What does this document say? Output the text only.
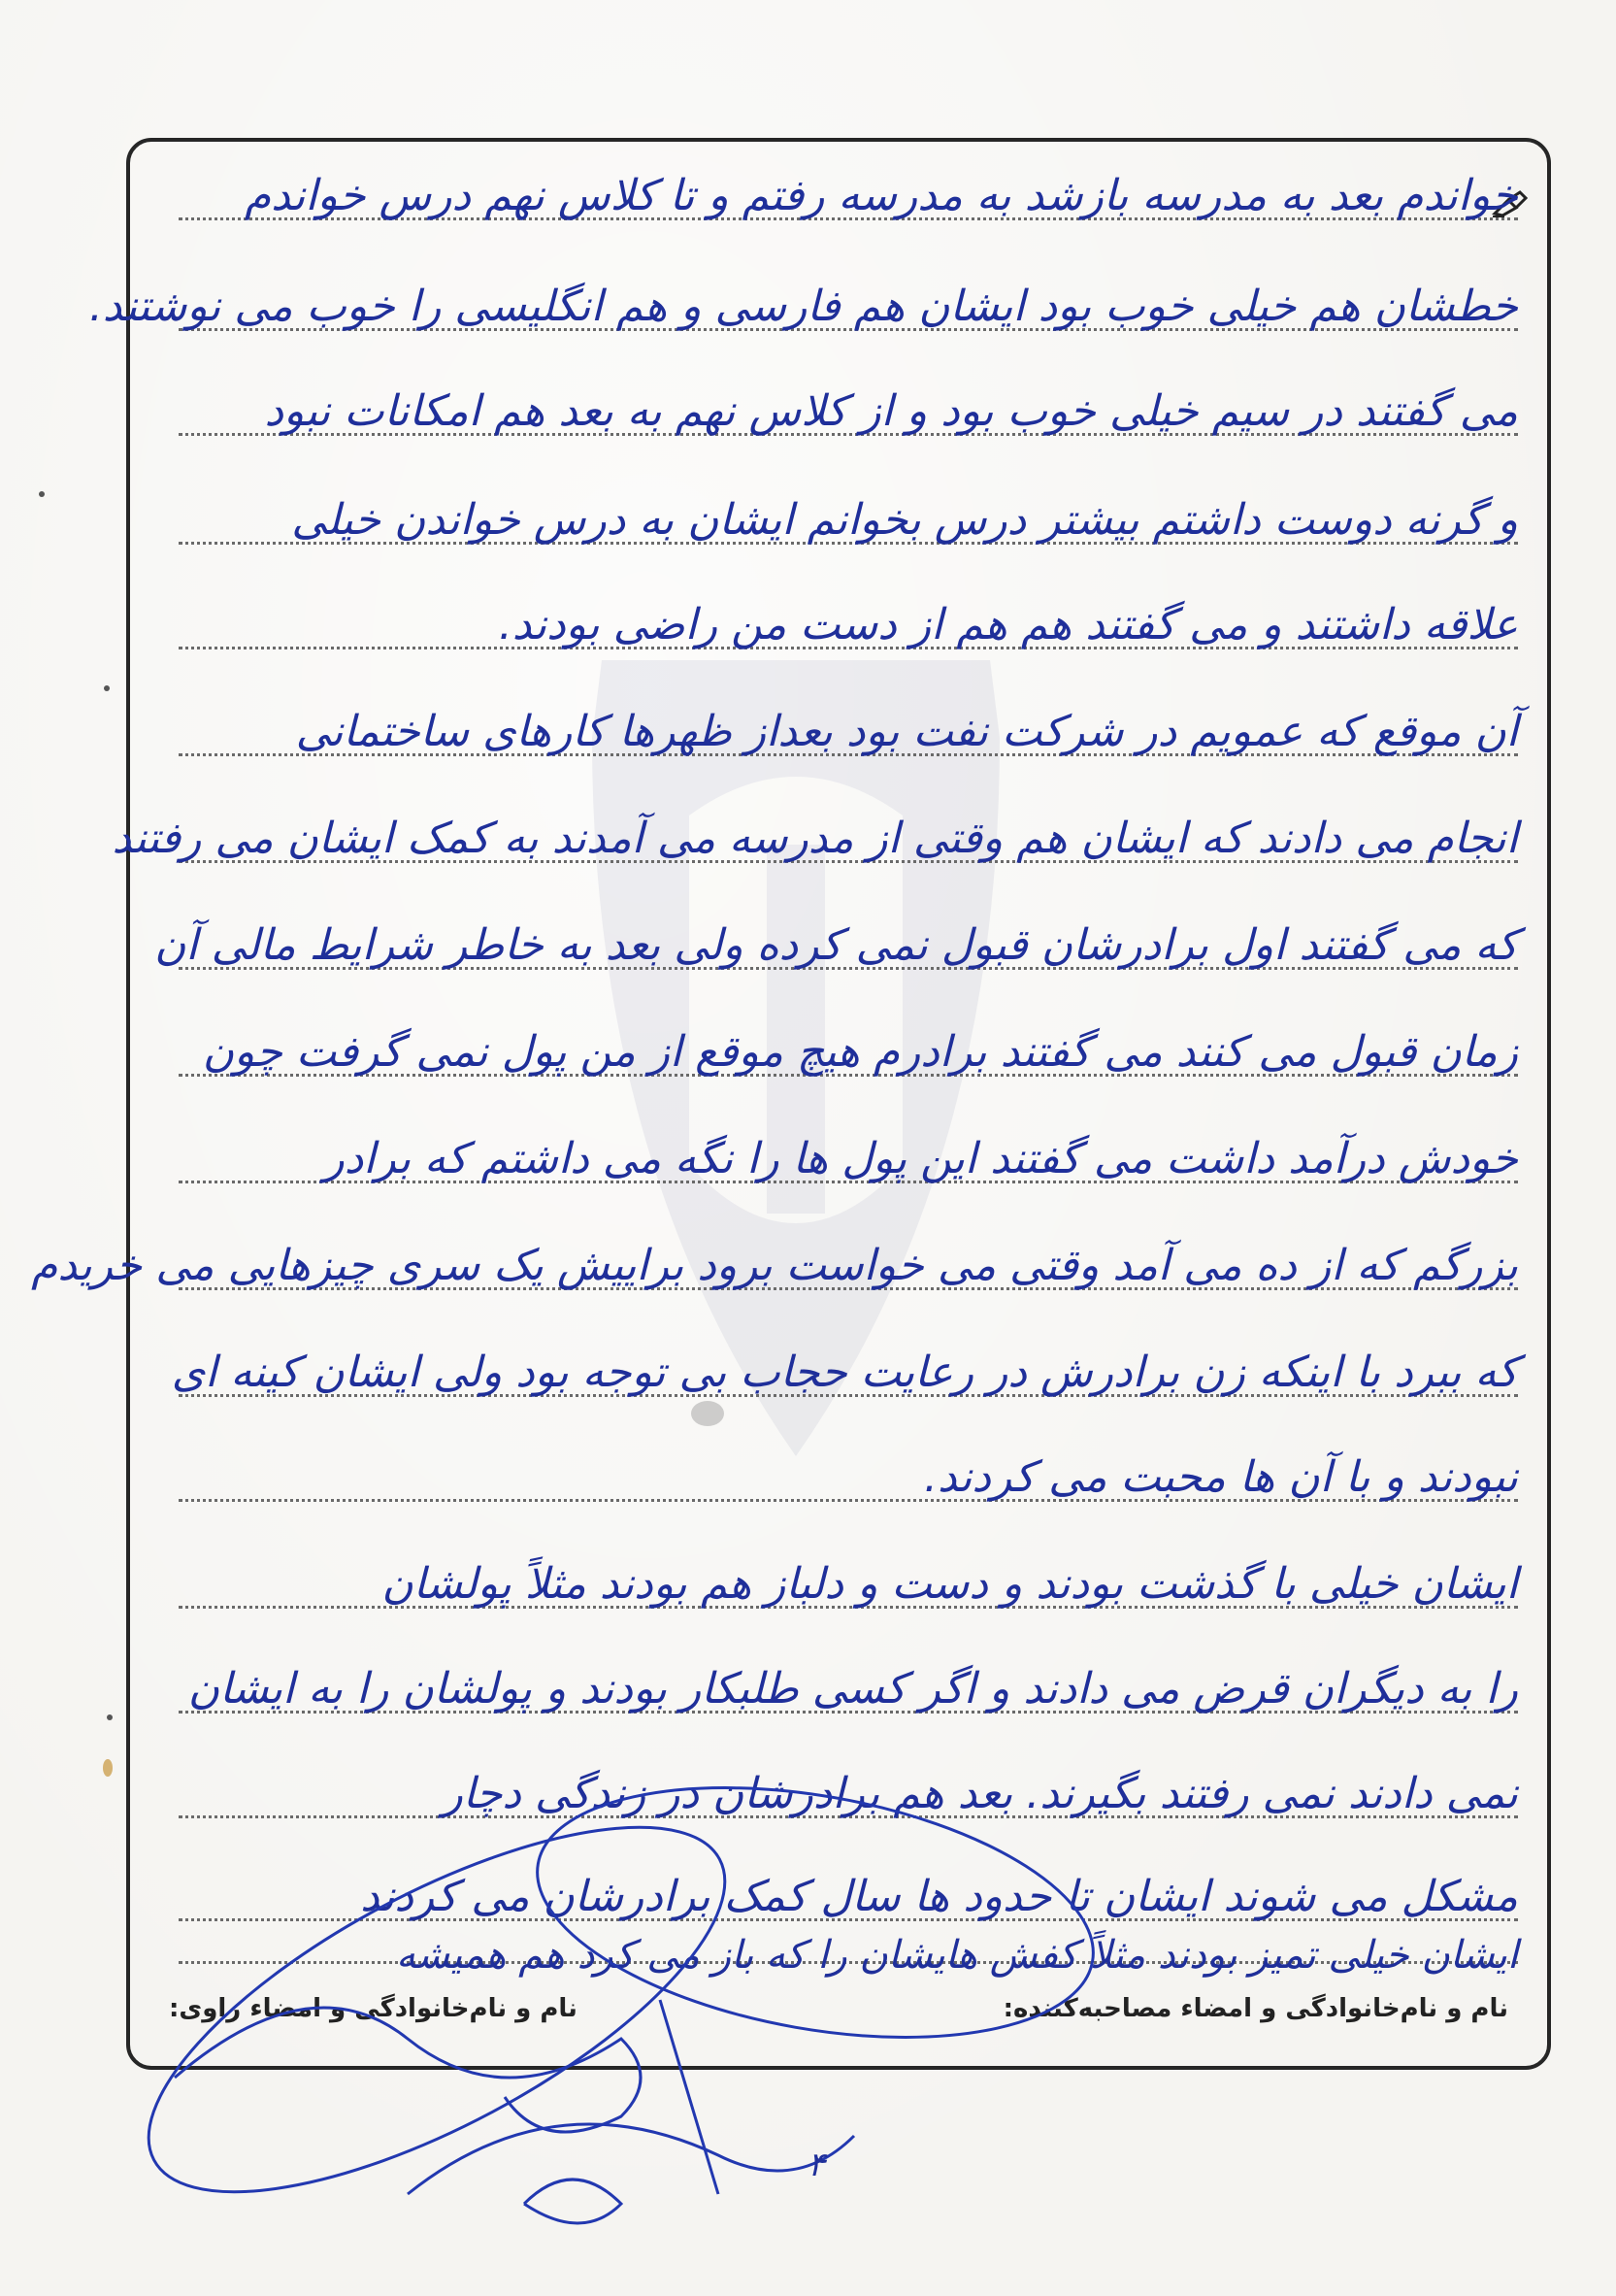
خواندم بعد به مدرسه بازشد به مدرسه رفتم و تا کلاس نهم درس خواندم
خطشان هم خیلی خوب بود ایشان هم فارسی و هم انگلیسی را خوب می نوشتند.
می گفتند در سیم خیلی خوب بود و از کلاس نهم به بعد هم امکانات نبود
و گرنه دوست داشتم بیشتر درس بخوانم ایشان به درس خواندن خیلی
علاقه داشتند و می گفتند هم هم از دست من راضی بودند.
آن موقع که عمویم در شرکت نفت بود بعداز ظهرها کارهای ساختمانی
انجام می دادند که ایشان هم وقتی از مدرسه می آمدند به کمک ایشان می رفتند
که می گفتند اول برادرشان قبول نمی کرده ولی بعد به خاطر شرایط مالی آن
زمان قبول می کنند می گفتند برادرم هیچ موقع از من پول نمی گرفت چون
خودش درآمد داشت می گفتند این پول ها را نگه می داشتم که برادر
بزرگم که از ده می آمد وقتی می خواست برود براییش یک سری چیزهایی می خریدم
که ببرد با اینکه زن برادرش در رعایت حجاب بی توجه بود ولی ایشان کینه ای
نبودند و با آن ها محبت می کردند.
ایشان خیلی با گذشت بودند و دست و دلباز هم بودند مثلاً پولشان
را به دیگران قرض می دادند و اگر کسی طلبکار بودند و پولشان را به ایشان
نمی دادند نمی رفتند بگیرند. بعد هم برادرشان در زندگی دچار
مشکل می شوند ایشان تا حدود ها سال کمک برادرشان می کردند
ایشان خیلی تمیز بودند مثلاً کفش هایشان را که باز می کرد هم همیشه
نام و نام‌خانوادگی و امضاء مصاحبه‌کننده:
نام و نام‌خانوادگی و امضاء راوی:
۴
